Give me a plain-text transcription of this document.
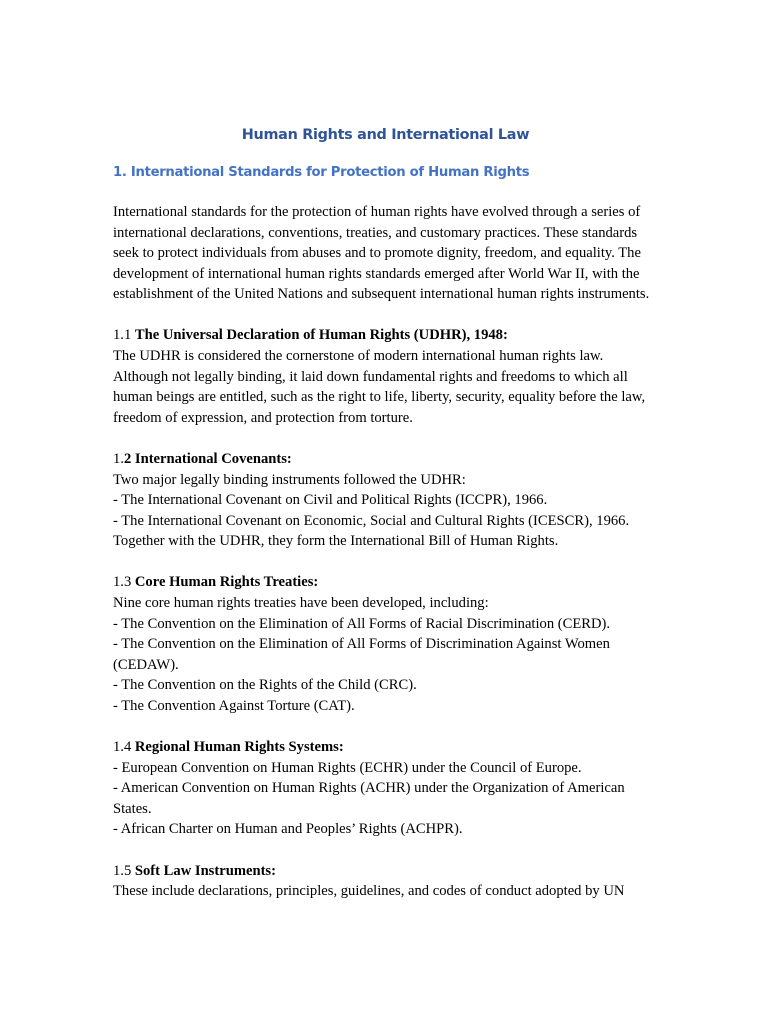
Human Rights and International Law
1. International Standards for Protection of Human Rights

International standards for the protection of human rights have evolved through a series of international declarations, conventions, treaties, and customary practices. These standards seek to protect individuals from abuses and to promote dignity, freedom, and equality. The development of international human rights standards emerged after World War II, with the establishment of the United Nations and subsequent international human rights instruments.

1.1 The Universal Declaration of Human Rights (UDHR), 1948:

The UDHR is considered the cornerstone of modern international human rights law. Although not legally binding, it laid down fundamental rights and freedoms to which all human beings are entitled, such as the right to life, liberty, security, equality before the law, freedom of expression, and protection from torture.

1.2 International Covenants:

Two major legally binding instruments followed the UDHR:

- The International Covenant on Civil and Political Rights (ICCPR), 1966.

- The International Covenant on Economic, Social and Cultural Rights (ICESCR), 1966.

Together with the UDHR, they form the International Bill of Human Rights.

1.3 Core Human Rights Treaties:

Nine core human rights treaties have been developed, including:

- The Convention on the Elimination of All Forms of Racial Discrimination (CERD).

- The Convention on the Elimination of All Forms of Discrimination Against Women (CEDAW).

- The Convention on the Rights of the Child (CRC).

- The Convention Against Torture (CAT).

1.4 Regional Human Rights Systems:

- European Convention on Human Rights (ECHR) under the Council of Europe.

- American Convention on Human Rights (ACHR) under the Organization of American States.

- African Charter on Human and Peoples’ Rights (ACHPR).

1.5 Soft Law Instruments:

These include declarations, principles, guidelines, and codes of conduct adopted by UN
